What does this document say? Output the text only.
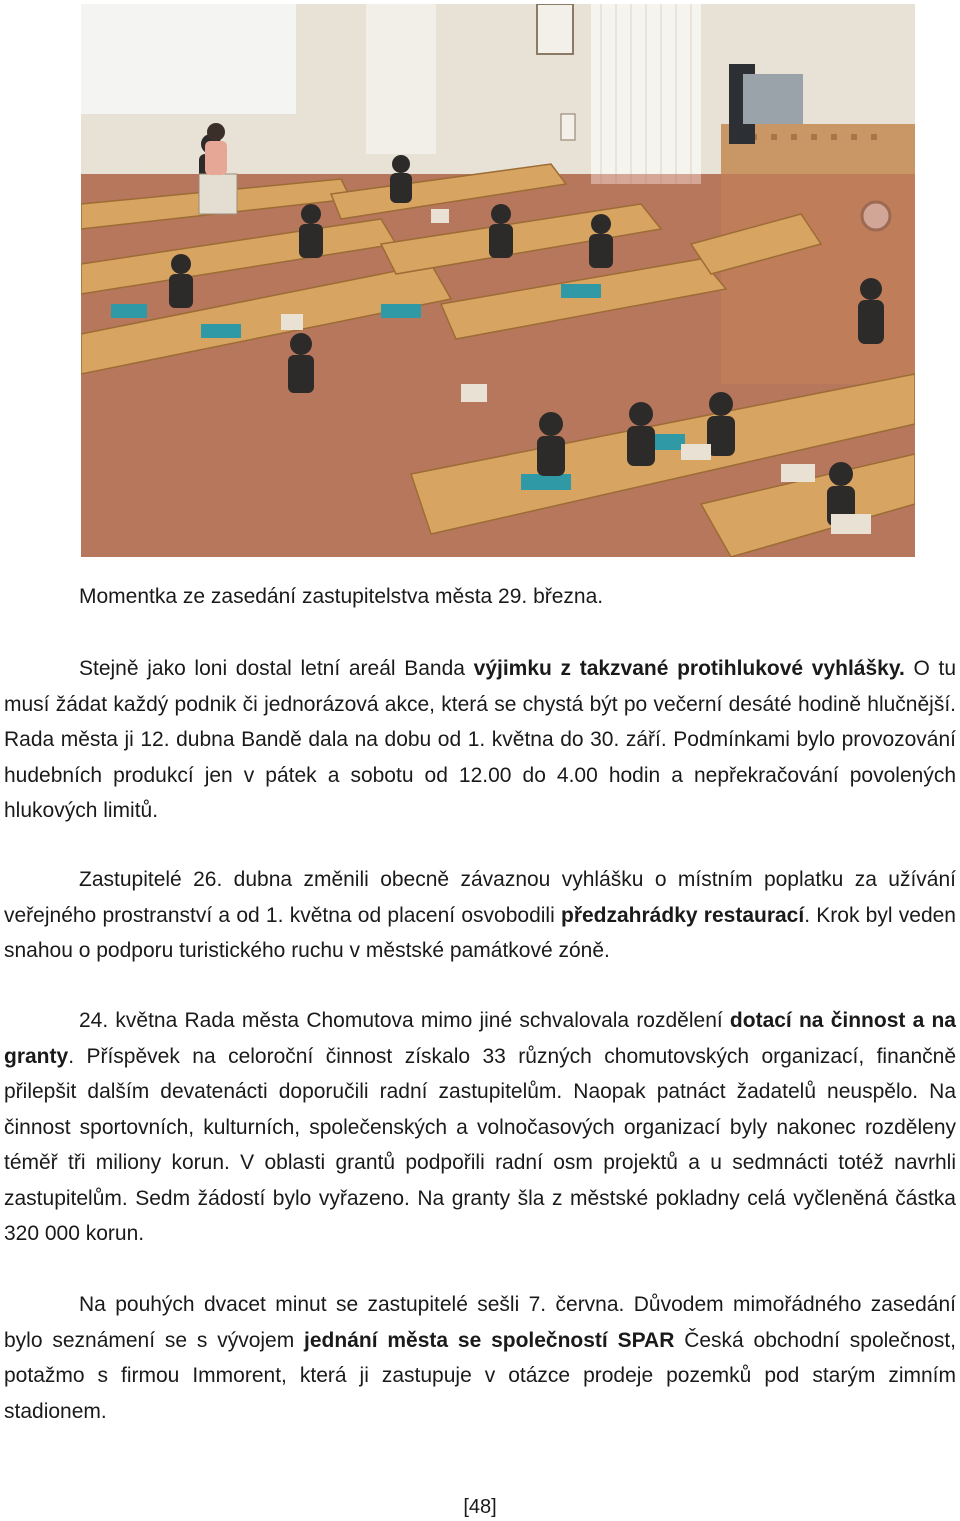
Momentka ze zasedání zastupitelstva města 29. března.

Stejně jako loni dostal letní areál Banda výjimku z takzvané protihlukové vyhlášky. O tu musí žádat každý podnik či jednorázová akce, která se chystá být po večerní desáté hodině hlučnější. Rada města ji 12. dubna Bandě dala na dobu od 1. května do 30. září. Podmínkami bylo provozování hudebních produkcí jen v pátek a sobotu od 12.00 do 4.00 hodin a nepřekračování povolených hlukových limitů.

Zastupitelé 26. dubna změnili obecně závaznou vyhlášku o místním poplatku za užívání veřejného prostranství a od 1. května od placení osvobodili předzahrádky restaurací. Krok byl veden snahou o podporu turistického ruchu v městské památkové zóně.

24. května Rada města Chomutova mimo jiné schvalovala rozdělení dotací na činnost a na granty. Příspěvek na celoroční činnost získalo 33 různých chomutovských organizací, finančně přilepšit dalším devatenácti doporučili radní zastupitelům. Naopak patnáct žadatelů neuspělo. Na činnost sportovních, kulturních, společenských a volnočasových organizací byly nakonec rozděleny téměř tři miliony korun. V oblasti grantů podpořili radní osm projektů a u sedmnácti totéž navrhli zastupitelům. Sedm žádostí bylo vyřazeno. Na granty šla z městské pokladny celá vyčleněná částka 320 000 korun.

Na pouhých dvacet minut se zastupitelé sešli 7. června. Důvodem mimořádného zasedání bylo seznámení se s vývojem jednání města se společností SPAR Česká obchodní společnost, potažmo s firmou Immorent, která ji zastupuje v otázce prodeje pozemků pod starým zimním stadionem.

[48]
